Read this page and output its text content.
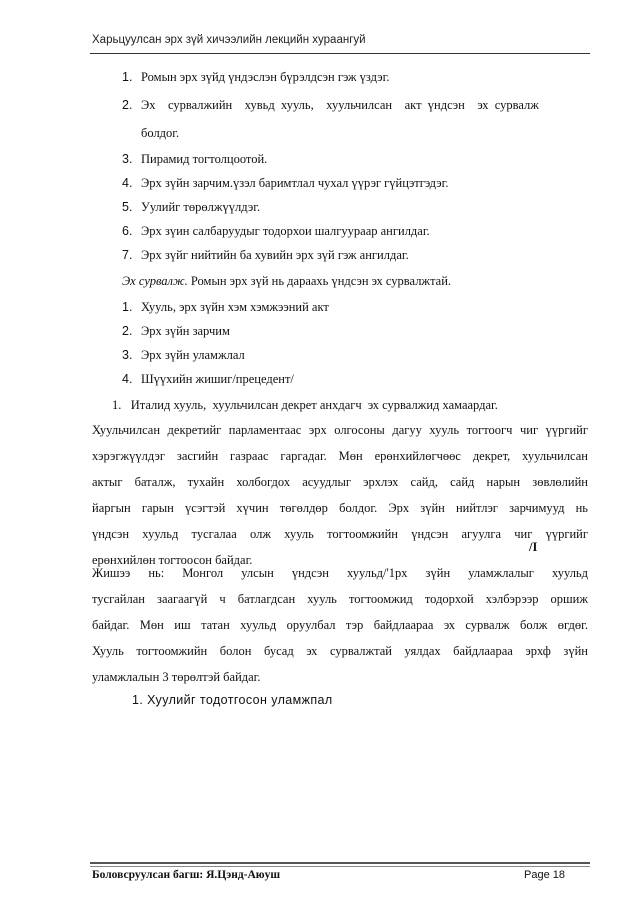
Харьцуулсан эрх зүй хичээлийн лекцийн хураангуй
1. Ромын эрх зүйд үндэслэн бүрэлдсэн гэж үздэг.
2. Эх    сурвалжийн    хувьд  хууль,    хуульчилсан    акт  үндсэн    эх  сурвалж
болдог.
3. Пирамид тогтолцоотой.
4. Эрх зүйн зарчим.үзэл баримтлал чухал үүрэг гүйцэтгэдэг.
5. Уулийг төрөлжүүлдэг.
6. Эрх зүин салбаруудыг тодорхои шалгуураар ангилдаг.
7. Эрх зүйг нийтийн ба хувийн эрх зүй гэж ангилдаг.
Эх сурвалж. Ромын эрх зүй нь дараахь үндсэн эх сурвалжтай.
1. Хууль, эрх зүйн хэм хэмжээний акт
2. Эрх зүйн зарчим
3. Эрх зүйн уламжлал
4. Шүүхийн жишиг/прецедент/
1.   Италид хууль,  хуульчилсан декрет анхдагч  эх сурвалжид хамаардаг.
Хуульчилсан декретийг парламентаас эрх олгосоны дагуу хууль тогтоогч чиг үүргийг
хэрэгжүүлдэг засгийн газраас гаргадаг. Мөн ерөнхийлөгчөөс декрет, хуульчилсан
актыг баталж, тухайн холбогдох асуудлыг эрхлэх сайд, сайд нарын зөвлөлийн
йаргын гарын үсэгтэй хүчин төгөлдөр болдог. Эрх зүйн нийтлэг зарчимууд нь
үндсэн хуульд тусгалаа олж хууль тогтоомжийн үндсэн агуулга чиг үүргийг
ерөнхийлөн тогтоосон байдаг.
/I
Жишээ  нь:  Монгол  улсын  үндсэн  хуульд/'1рх  зүйн  уламжлалыг  хуульд
тусгайлан  заагаагүй  ч  батлагдсан  хууль  тогтоомжид  тодорхой  хэлбэрээр  оршиж
байдаг.  Мөн  иш  татан  хуульд  оруулбал  тэр  байдлаараа  эх  сурвалж  болж  өгдөг.
Хууль  тогтоомжийн  болон  бусад  эх  сурвалжтай  уялдах  байдлаараа  эрхф  зүйн
уламжлалын 3 төрөлтэй байдаг.
1. Хуулийг тодотгосон уламжпал
Боловсруулсан багш: Я.Цэнд-Аюуш	Page 18
